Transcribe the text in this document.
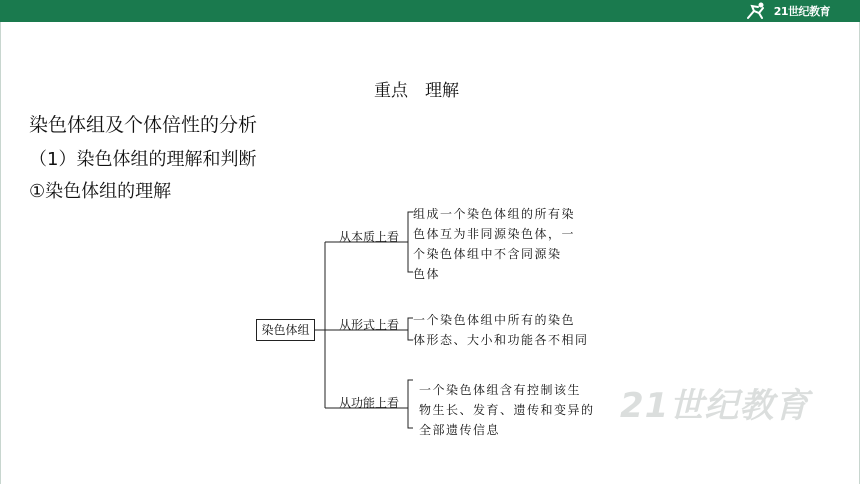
21世纪教育
重点　理解
染色体组及个体倍性的分析
（1）染色体组的理解和判断
①染色体组的理解
染色体组
从本质上看
从形式上看
从功能上看
组成一个染色体组的所有染
色体互为非同源染色体，一
个染色体组中不含同源染
色体
一个染色体组中所有的染色
体形态、大小和功能各不相同
一个染色体组含有控制该生
物生长、发育、遗传和变异的
全部遗传信息
21世纪教育
